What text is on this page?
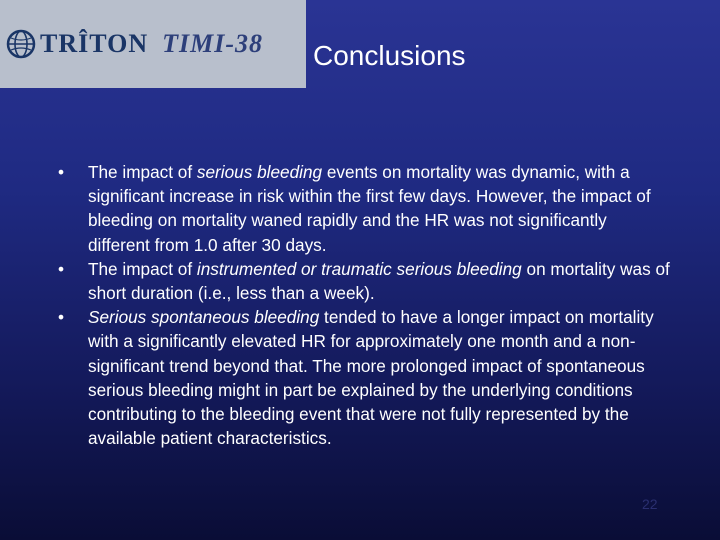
TRÎTON TIMI-38 Conclusions
• The impact of serious bleeding events on mortality was dynamic, with a significant increase in risk within the first few days. However, the impact of bleeding on mortality waned rapidly and the HR was not significantly different from 1.0 after 30 days.
• The impact of instrumented or traumatic serious bleeding on mortality was of short duration (i.e., less than a week).
• Serious spontaneous bleeding tended to have a longer impact on mortality with a significantly elevated HR for approximately one month and a non-significant trend beyond that. The more prolonged impact of spontaneous serious bleeding might in part be explained by the underlying conditions contributing to the bleeding event that were not fully represented by the available patient characteristics.
22
